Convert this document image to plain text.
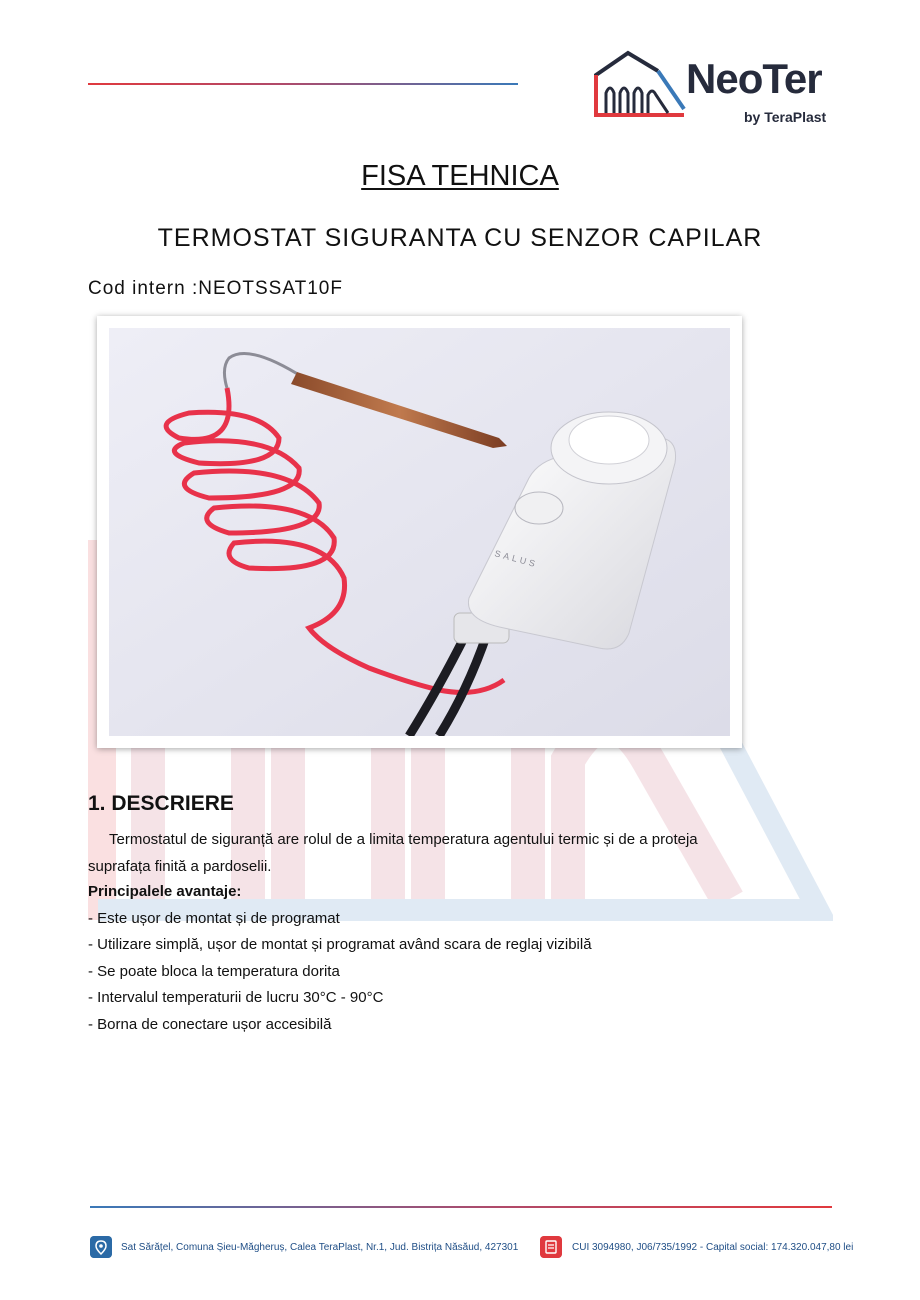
NeoTer
by TeraPlast
FISA TEHNICA
TERMOSTAT SIGURANTA CU SENZOR CAPILAR
Cod intern :NEOTSSAT10F
SALUS
1. DESCRIERE
Termostatul de siguranță are rolul de a limita temperatura agentului termic și de a proteja
suprafața finită a pardoselii.
Principalele avantaje:
- Este ușor de montat și de programat
- Utilizare simplă, ușor de montat și programat având scara de reglaj vizibilă
- Se poate bloca la temperatura dorita
- Intervalul temperaturii de lucru 30°C - 90°C
- Borna de conectare ușor accesibilă
Sat Sărățel, Comuna Șieu-Măgheruș, Calea TeraPlast, Nr.1, Jud. Bistrița Năsăud, 427301	CUI 3094980, J06/735/1992 - Capital social: 174.320.047,80 lei
